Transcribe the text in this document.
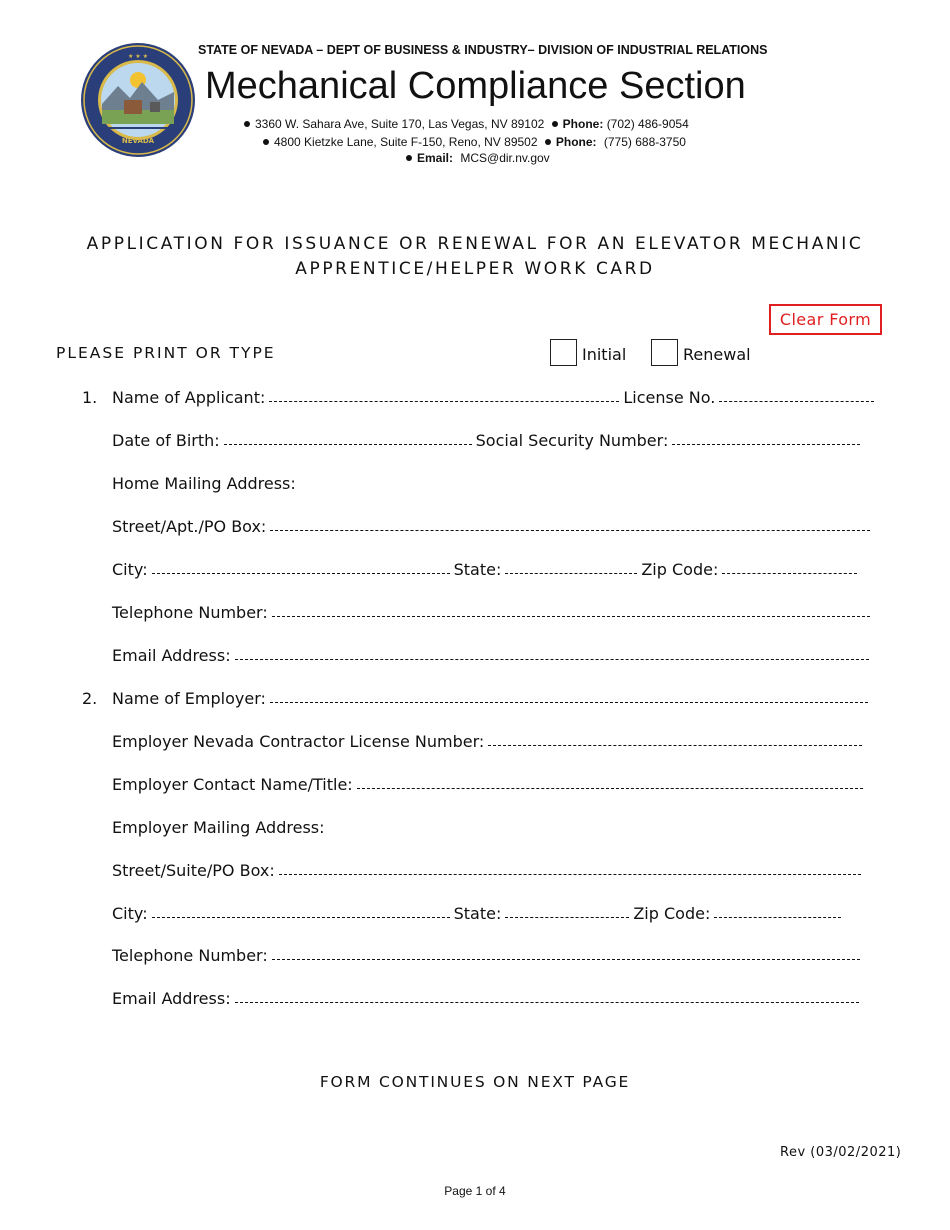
NEVADA
★ ★ ★	STATE OF NEVADA – DEPT OF BUSINESS & INDUSTRY– DIVISION OF INDUSTRIAL RELATIONS
Mechanical Compliance Section
3360 W. Sahara Ave, Suite 170, Las Vegas, NV 89102 Phone: (702) 486-9054
4800 Kietzke Lane, Suite F-150, Reno, NV 89502 Phone: (775) 688-3750
Email: MCS@dir.nv.gov
APPLICATION FOR ISSUANCE OR RENEWAL FOR AN ELEVATOR MECHANIC
APPRENTICE/HELPER WORK CARD
Clear Form
PLEASE PRINT OR TYPE	Initial	Renewal
1. Name of Applicant:	License No.
Date of Birth:	Social Security Number:
Home Mailing Address:
Street/Apt./PO Box:
City:	State:	Zip Code:
Telephone Number:
Email Address:
2. Name of Employer:
Employer Nevada Contractor License Number:
Employer Contact Name/Title:
Employer Mailing Address:
Street/Suite/PO Box:
City:	State:	Zip Code:
Telephone Number:
Email Address:
FORM CONTINUES ON NEXT PAGE
Rev (03/02/2021)
Page 1 of 4
